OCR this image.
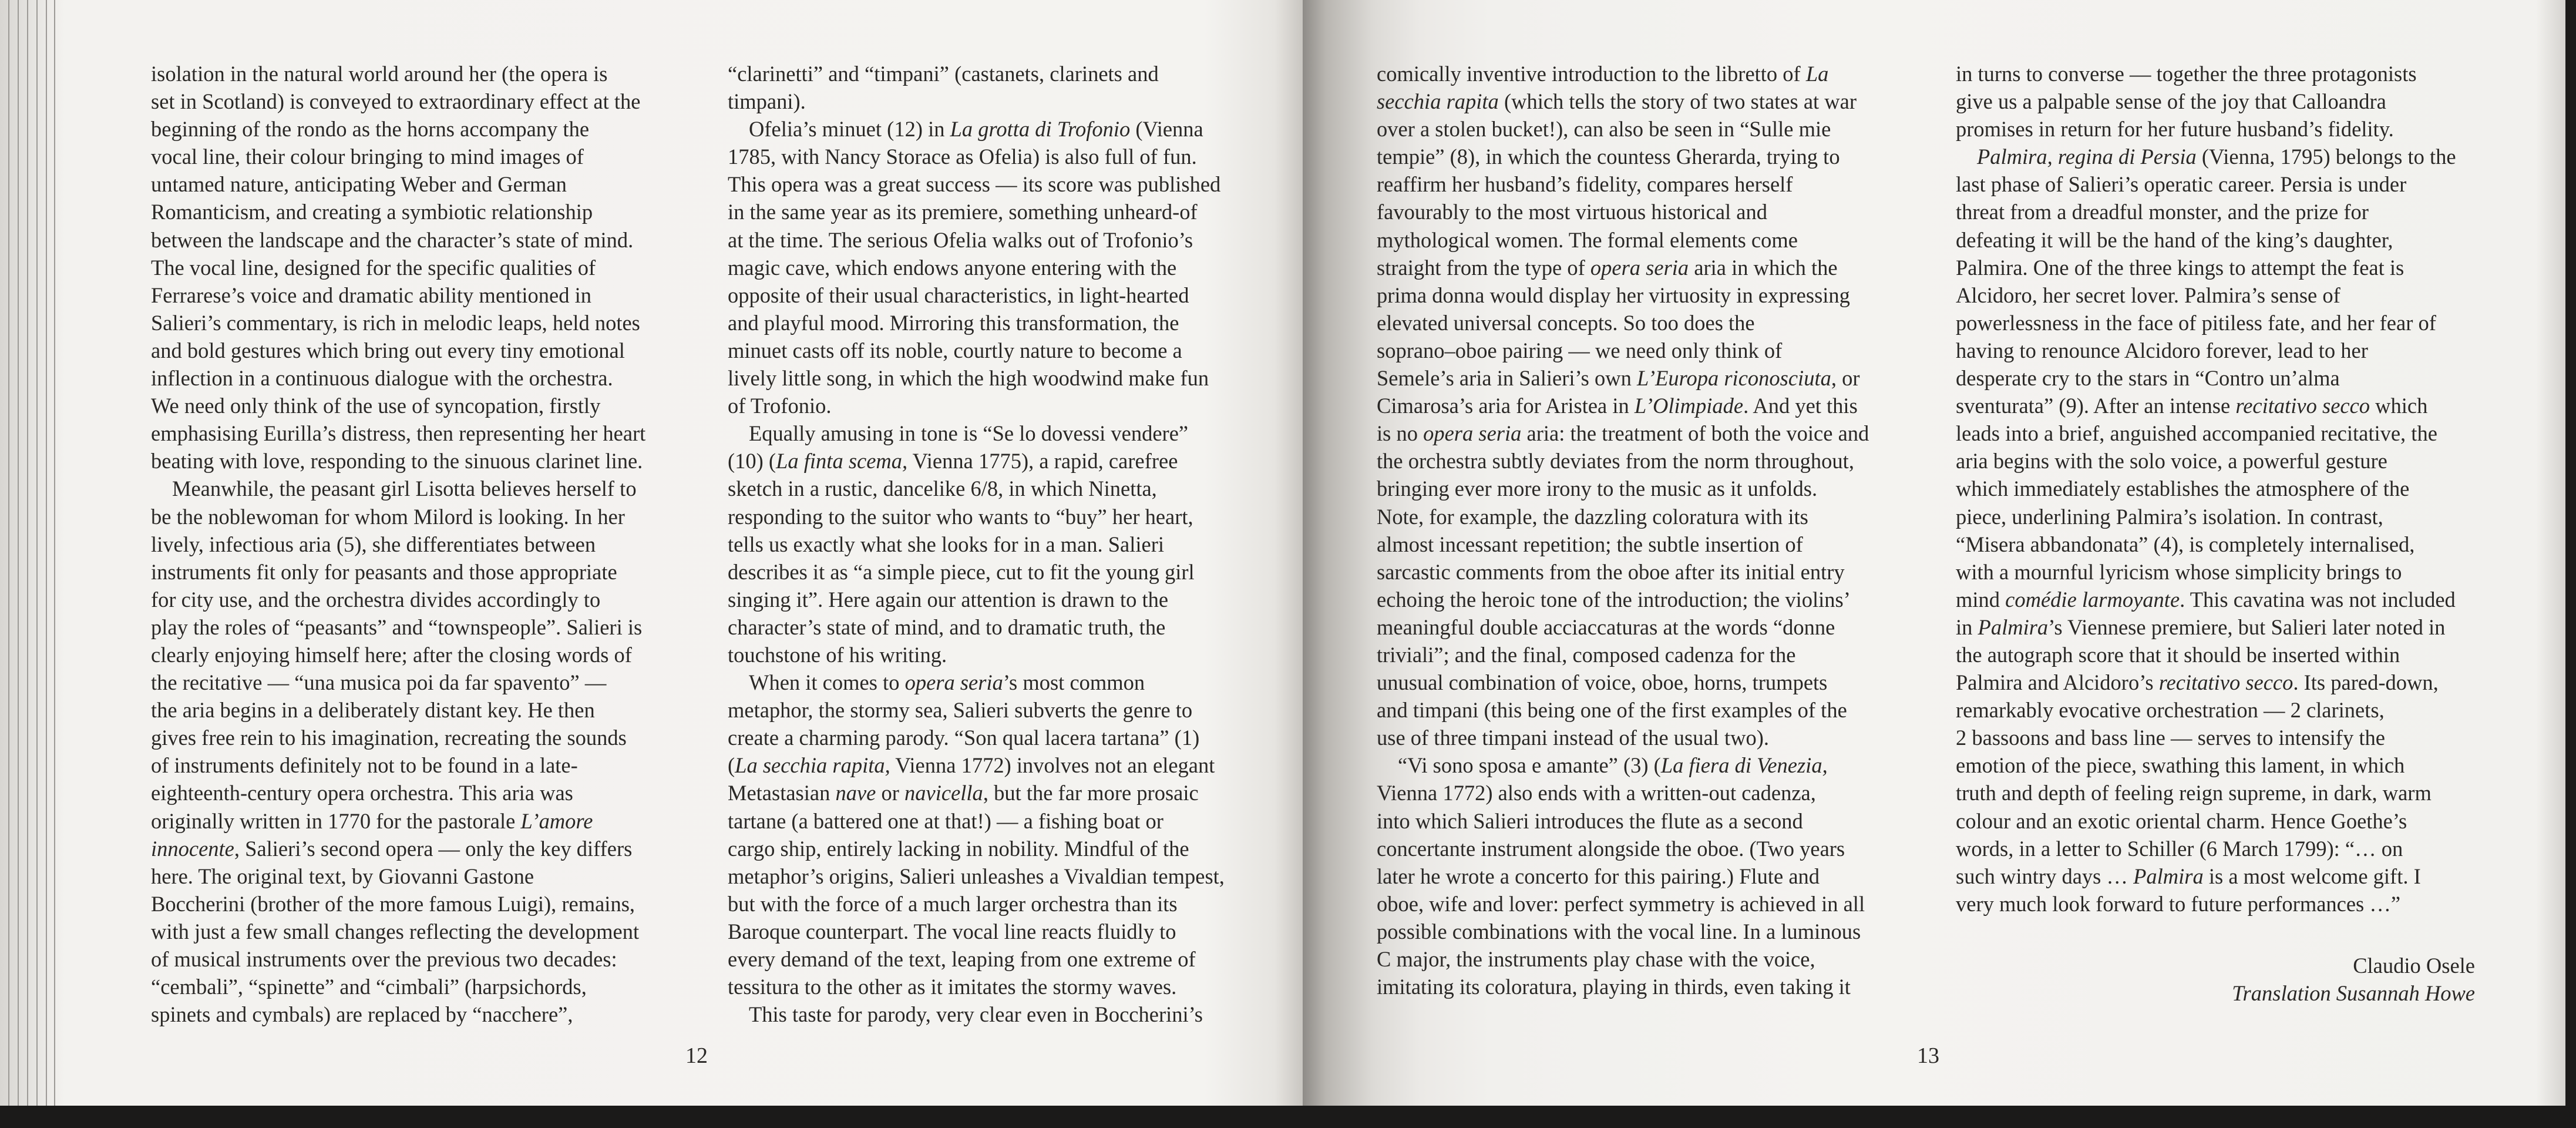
isolation in the natural world around her (the opera is
set in Scotland) is conveyed to extraordinary effect at the
beginning of the rondo as the horns accompany the
vocal line, their colour bringing to mind images of
untamed nature, anticipating Weber and German
Romanticism, and creating a symbiotic relationship
between the landscape and the character’s state of mind.
The vocal line, designed for the specific qualities of
Ferrarese’s voice and dramatic ability mentioned in
Salieri’s commentary, is rich in melodic leaps, held notes
and bold gestures which bring out every tiny emotional
inflection in a continuous dialogue with the orchestra.
We need only think of the use of syncopation, firstly
emphasising Eurilla’s distress, then representing her heart
beating with love, responding to the sinuous clarinet line.
Meanwhile, the peasant girl Lisotta believes herself to
be the noblewoman for whom Milord is looking. In her
lively, infectious aria (5), she differentiates between
instruments fit only for peasants and those appropriate
for city use, and the orchestra divides accordingly to
play the roles of “peasants” and “townspeople”. Salieri is
clearly enjoying himself here; after the closing words of
the recitative — “una musica poi da far spavento” —
the aria begins in a deliberately distant key. He then
gives free rein to his imagination, recreating the sounds
of instruments definitely not to be found in a late-
eighteenth-century opera orchestra. This aria was
originally written in 1770 for the pastorale L’amore
innocente, Salieri’s second opera — only the key differs
here. The original text, by Giovanni Gastone
Boccherini (brother of the more famous Luigi), remains,
with just a few small changes reflecting the development
of musical instruments over the previous two decades:
“cembali”, “spinette” and “cimbali” (harpsichords,
spinets and cymbals) are replaced by “nacchere”,
“clarinetti” and “timpani” (castanets, clarinets and
timpani).
Ofelia’s minuet (12) in La grotta di Trofonio (Vienna
1785, with Nancy Storace as Ofelia) is also full of fun.
This opera was a great success — its score was published
in the same year as its premiere, something unheard-of
at the time. The serious Ofelia walks out of Trofonio’s
magic cave, which endows anyone entering with the
opposite of their usual characteristics, in light-hearted
and playful mood. Mirroring this transformation, the
minuet casts off its noble, courtly nature to become a
lively little song, in which the high woodwind make fun
of Trofonio.
Equally amusing in tone is “Se lo dovessi vendere”
(10) (La finta scema, Vienna 1775), a rapid, carefree
sketch in a rustic, dancelike 6/8, in which Ninetta,
responding to the suitor who wants to “buy” her heart,
tells us exactly what she looks for in a man. Salieri
describes it as “a simple piece, cut to fit the young girl
singing it”. Here again our attention is drawn to the
character’s state of mind, and to dramatic truth, the
touchstone of his writing.
When it comes to opera seria’s most common
metaphor, the stormy sea, Salieri subverts the genre to
create a charming parody. “Son qual lacera tartana” (1)
(La secchia rapita, Vienna 1772) involves not an elegant
Metastasian nave or navicella, but the far more prosaic
tartane (a battered one at that!) — a fishing boat or
cargo ship, entirely lacking in nobility. Mindful of the
metaphor’s origins, Salieri unleashes a Vivaldian tempest,
but with the force of a much larger orchestra than its
Baroque counterpart. The vocal line reacts fluidly to
every demand of the text, leaping from one extreme of
tessitura to the other as it imitates the stormy waves.
This taste for parody, very clear even in Boccherini’s
comically inventive introduction to the libretto of La
secchia rapita (which tells the story of two states at war
over a stolen bucket!), can also be seen in “Sulle mie
tempie” (8), in which the countess Gherarda, trying to
reaffirm her husband’s fidelity, compares herself
favourably to the most virtuous historical and
mythological women. The formal elements come
straight from the type of opera seria aria in which the
prima donna would display her virtuosity in expressing
elevated universal concepts. So too does the
soprano–oboe pairing — we need only think of
Semele’s aria in Salieri’s own L’Europa riconosciuta, or
Cimarosa’s aria for Aristea in L’Olimpiade. And yet this
is no opera seria aria: the treatment of both the voice and
the orchestra subtly deviates from the norm throughout,
bringing ever more irony to the music as it unfolds.
Note, for example, the dazzling coloratura with its
almost incessant repetition; the subtle insertion of
sarcastic comments from the oboe after its initial entry
echoing the heroic tone of the introduction; the violins’
meaningful double acciaccaturas at the words “donne
triviali”; and the final, composed cadenza for the
unusual combination of voice, oboe, horns, trumpets
and timpani (this being one of the first examples of the
use of three timpani instead of the usual two).
“Vi sono sposa e amante” (3) (La fiera di Venezia,
Vienna 1772) also ends with a written-out cadenza,
into which Salieri introduces the flute as a second
concertante instrument alongside the oboe. (Two years
later he wrote a concerto for this pairing.) Flute and
oboe, wife and lover: perfect symmetry is achieved in all
possible combinations with the vocal line. In a luminous
C major, the instruments play chase with the voice,
imitating its coloratura, playing in thirds, even taking it
in turns to converse — together the three protagonists
give us a palpable sense of the joy that Calloandra
promises in return for her future husband’s fidelity.
Palmira, regina di Persia (Vienna, 1795) belongs to the
last phase of Salieri’s operatic career. Persia is under
threat from a dreadful monster, and the prize for
defeating it will be the hand of the king’s daughter,
Palmira. One of the three kings to attempt the feat is
Alcidoro, her secret lover. Palmira’s sense of
powerlessness in the face of pitiless fate, and her fear of
having to renounce Alcidoro forever, lead to her
desperate cry to the stars in “Contro un’alma
sventurata” (9). After an intense recitativo secco which
leads into a brief, anguished accompanied recitative, the
aria begins with the solo voice, a powerful gesture
which immediately establishes the atmosphere of the
piece, underlining Palmira’s isolation. In contrast,
“Misera abbandonata” (4), is completely internalised,
with a mournful lyricism whose simplicity brings to
mind comédie larmoyante. This cavatina was not included
in Palmira’s Viennese premiere, but Salieri later noted in
the autograph score that it should be inserted within
Palmira and Alcidoro’s recitativo secco. Its pared-down,
remarkably evocative orchestration — 2 clarinets,
2 bassoons and bass line — serves to intensify the
emotion of the piece, swathing this lament, in which
truth and depth of feeling reign supreme, in dark, warm
colour and an exotic oriental charm. Hence Goethe’s
words, in a letter to Schiller (6 March 1799): “… on
such wintry days … Palmira is a most welcome gift. I
very much look forward to future performances …”
Claudio Osele
Translation Susannah Howe
12	13
